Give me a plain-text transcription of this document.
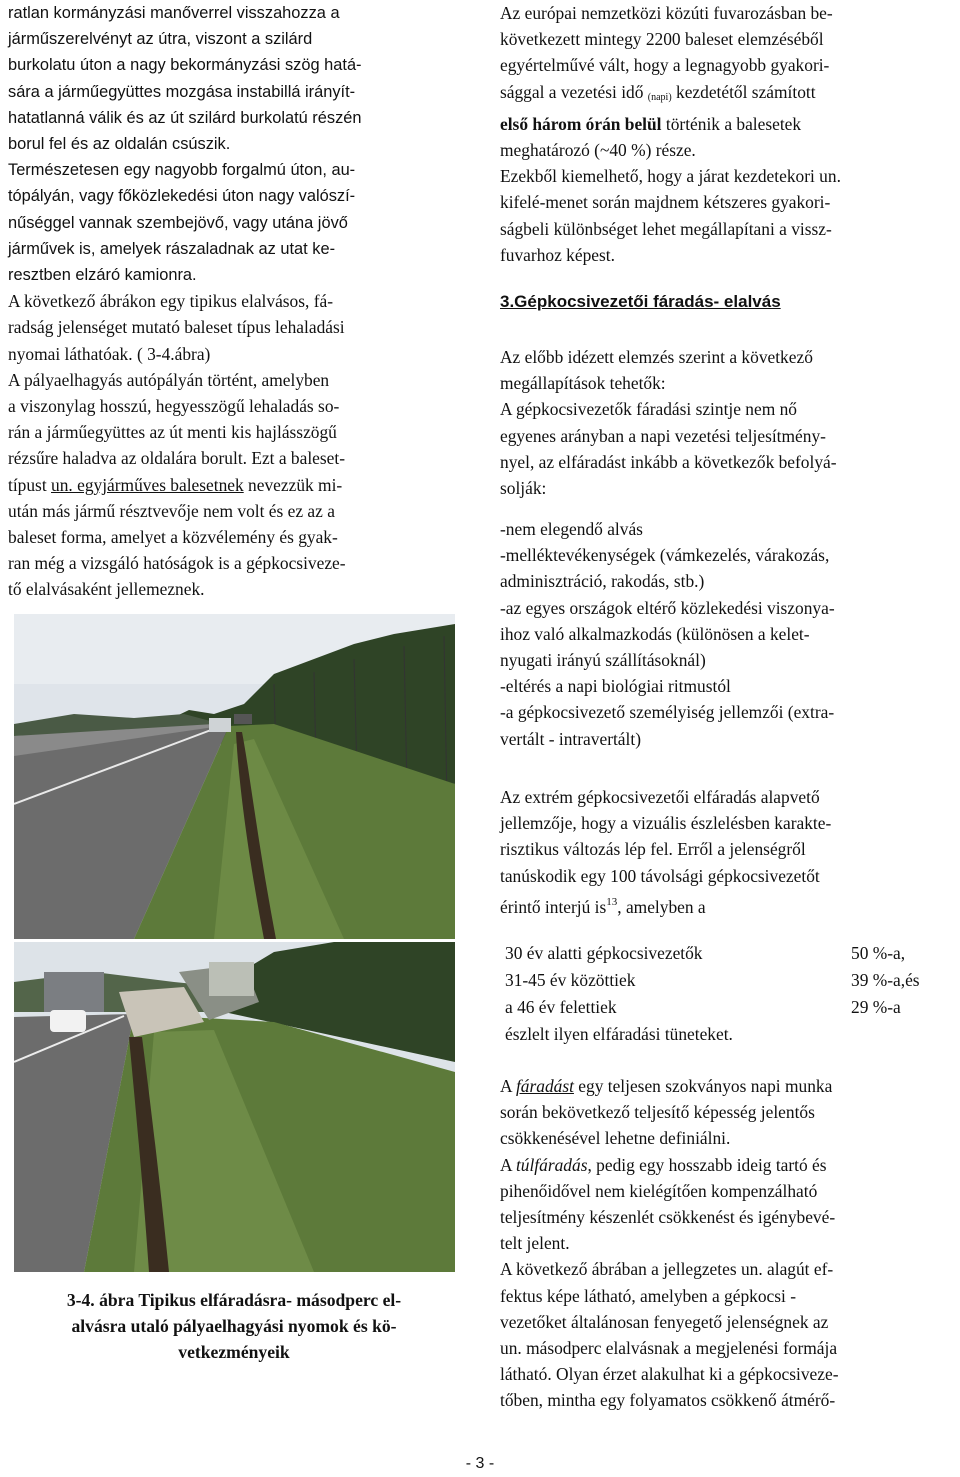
ratlan kormányzási manőverrel visszahozza a

járműszerelvényt az útra, viszont a szilárd

burkolatu úton a nagy bekormányzási szög hatá-

sára a járműegyüttes mozgása instabillá irányít-

hatatlanná válik és az út szilárd burkolatú részén

borul fel és az oldalán csúszik.

Természetesen egy nagyobb forgalmú úton, au-

tópályán, vagy főközlekedési úton nagy valószí-

nűséggel vannak szembejövő, vagy utána jövő

járművek is, amelyek rászaladnak az utat ke-

resztben elzáró kamionra.

A következő ábrákon egy tipikus elalvásos, fá-

radság jelenséget mutató baleset típus lehaladási

nyomai láthatóak. ( 3-4.ábra)

A pályaelhagyás autópályán történt, amelyben

a viszonylag hosszú, hegyesszögű lehaladás so-

rán a járműegyüttes az út menti kis hajlásszögű

rézsűre haladva az oldalára borult. Ezt a baleset-

típust un. egyjárműves balesetnek nevezzük mi-

után más jármű résztvevője nem volt és ez az a

baleset forma, amelyet a közvélemény és gyak-

ran még a vizsgáló hatóságok is a gépkocsiveze-

tő elalvásaként jellemeznek.

3-4. ábra Tipikus elfáradásra- másodperc el-
alvásra utaló pályaelhagyási nyomok és kö-
vetkezményeik

Az európai nemzetközi közúti fuvarozásban be-

következett mintegy 2200 baleset elemzéséből

egyértelművé vált, hogy a legnagyobb gyakori-

sággal a vezetési idő $_{(napi)}$ kezdetétől számított

első három órán belül történik a balesetek

meghatározó (~40 %) része.

Ezekből kiemelhető, hogy a járat kezdetekori un.

kifelé-menet során majdnem kétszeres gyakori-

ságbeli különbséget lehet megállapítani a vissz-

fuvarhoz képest.

3.Gépkocsivezetői fáradás- elalvás

Az előbb idézett elemzés szerint a következő

megállapítások tehetők:

A gépkocsivezetők fáradási szintje nem nő

egyenes arányban a napi vezetési teljesítmény-

nyel, az elfáradást inkább a következők befolyá-

solják:

-nem elegendő alvás

-melléktevékenységek (vámkezelés, várakozás,

adminisztráció, rakodás, stb.)

-az egyes országok eltérő közlekedési viszonya-

ihoz való alkalmazkodás (különösen a kelet-

nyugati irányú szállításoknál)

-eltérés a napi biológiai ritmustól

-a gépkocsivezető személyiség jellemzői (extra-

vertált - intravertált)

Az extrém gépkocsivezetői elfáradás alapvető

jellemzője, hogy a vizuális észlelésben karakte-

risztikus változás lép fel. Erről a jelenségről

tanúskodik egy 100 távolsági gépkocsivezetőt

érintő interjú $is^{13}$, amelyben a

30 év alatti gépkocsivezetők	50 %-a,
31-45 év közöttiek	39 %-a,és
a 46 év felettiek	29 %-a
észlelt ilyen elfáradási tüneteket.

A fáradást egy teljesen szokványos napi munka

során bekövetkező teljesítő képesség jelentős

csökkenésével lehetne definiálni.

A túlfáradás, pedig egy hosszabb ideig tartó és

pihenőidővel nem kielégítően kompenzálható

teljesítmény készenlét csökkenést és igénybevé-

telt jelent.

A következő ábrában a jellegzetes un. alagút ef-

fektus képe látható, amelyben a gépkocsi -

vezetőket általánosan fenyegető jelenségnek az

un. másodperc elalvásnak a megjelenési formája

látható. Olyan érzet alakulhat ki a gépkocsiveze-

tőben, mintha egy folyamatos csökkenő átmérő-

- 3 -
